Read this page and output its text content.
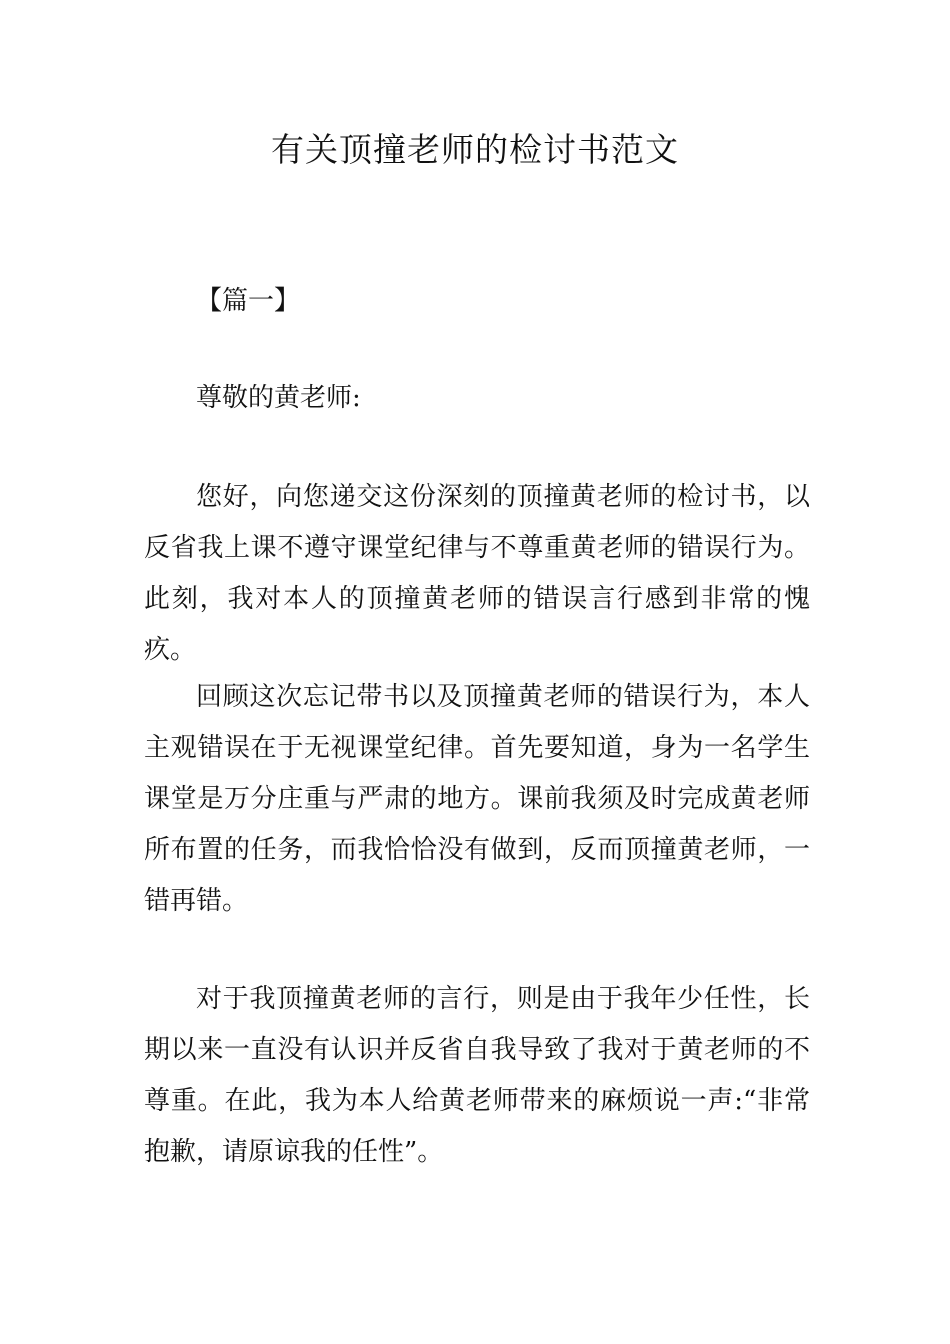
有关顶撞老师的检讨书范文
【篇一】
尊敬的黄老师:
您好，向您递交这份深刻的顶撞黄老师的检讨书，以反省我上课不遵守课堂纪律与不尊重黄老师的错误行为。此刻，我对本人的顶撞黄老师的错误言行感到非常的愧疚。
回顾这次忘记带书以及顶撞黄老师的错误行为，本人主观错误在于无视课堂纪律。首先要知道，身为一名学生课堂是万分庄重与严肃的地方。课前我须及时完成黄老师所布置的任务，而我恰恰没有做到，反而顶撞黄老师，一错再错。
对于我顶撞黄老师的言行，则是由于我年少任性，长期以来一直没有认识并反省自我导致了我对于黄老师的不尊重。在此，我为本人给黄老师带来的麻烦说一声:“非常抱歉，请原谅我的任性”。
